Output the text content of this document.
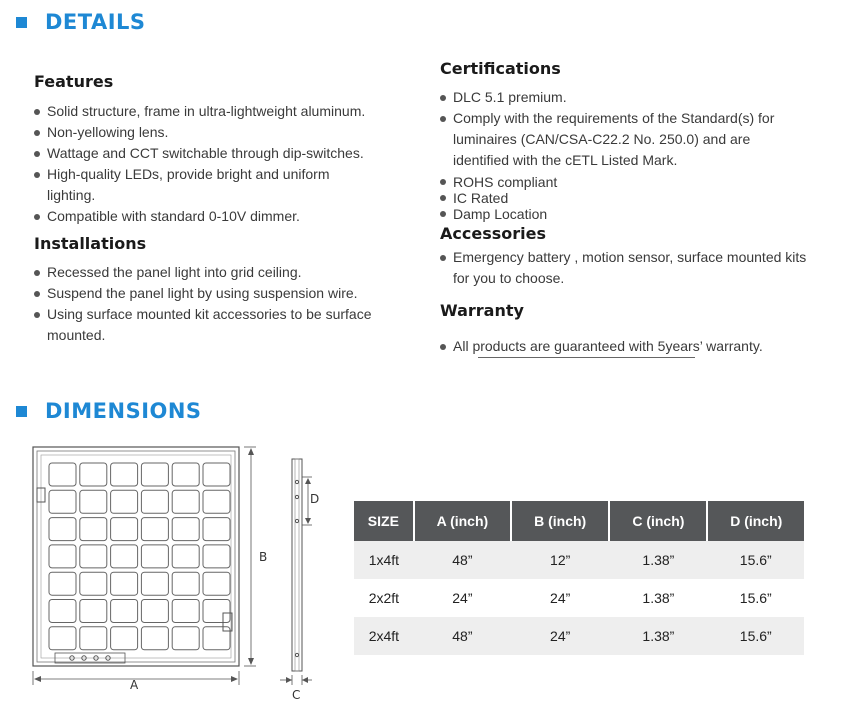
DETAILS
Features
Solid structure, frame in ultra-lightweight aluminum.
Non-yellowing lens.
Wattage and CCT switchable through dip-switches.
High-quality LEDs, provide bright and uniform lighting.
Compatible with standard 0-10V dimmer.
Installations
Recessed the panel light into grid ceiling.
Suspend the panel light by using suspension wire.
Using surface mounted kit accessories to be surface mounted.
Certifications
DLC 5.1 premium.
Comply with the requirements of the Standard(s) for luminaires (CAN/CSA-C22.2 No. 250.0) and are identified with the cETL Listed Mark.
ROHS compliant
IC Rated
Damp Location
Accessories
Emergency battery , motion sensor, surface mounted kits for you to choose.
Warranty
All products are guaranteed with 5years’ warranty.
DIMENSIONS
B
A
D
C
SIZE	A (inch)	B (inch)	C (inch)	D (inch)
1x4ft	48”	12”	1.38”	15.6”
2x2ft	24”	24”	1.38”	15.6”
2x4ft	48”	24”	1.38”	15.6”
